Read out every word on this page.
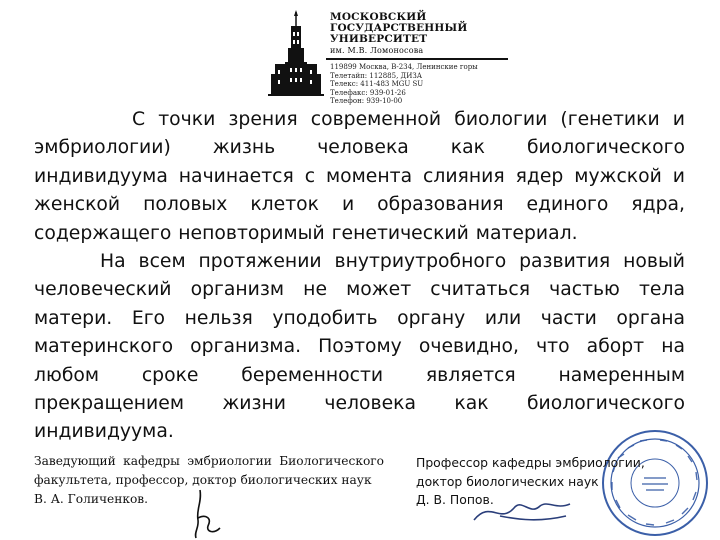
МОСКОВСКИЙ
ГОСУДАРСТВЕННЫЙ
УНИВЕРСИТЕТ
им. М.В. Ломоносова
119899 Москва, В-234, Ленинские горы
Телетайп: 112885, ДИЗА
Телекс: 411-483 MGU SU
Телефакс: 939-01-26
Телефон: 939-10-00

С точки зрения современной биологии (генетики и эмбриологии) жизнь человека как биологического индивидуума начинается с момента слияния ядер мужской и женской половых клеток и образования единого ядра, содержащего неповторимый генетический материал.

На всем протяжении внутриутробного развития новый человеческий организм не может считаться частью тела матери. Его нельзя уподобить органу или части органа материнского организма. Поэтому очевидно, что аборт на любом сроке беременности является намеренным прекращением жизни человека как биологического индивидуума.

Заведующий кафедры эмбриологии Биологического факультета, профессор, доктор биологических наук
В. А. Голиченков.
Профессор кафедры эмбриологии,
доктор биологических наук
Д. В. Попов.
